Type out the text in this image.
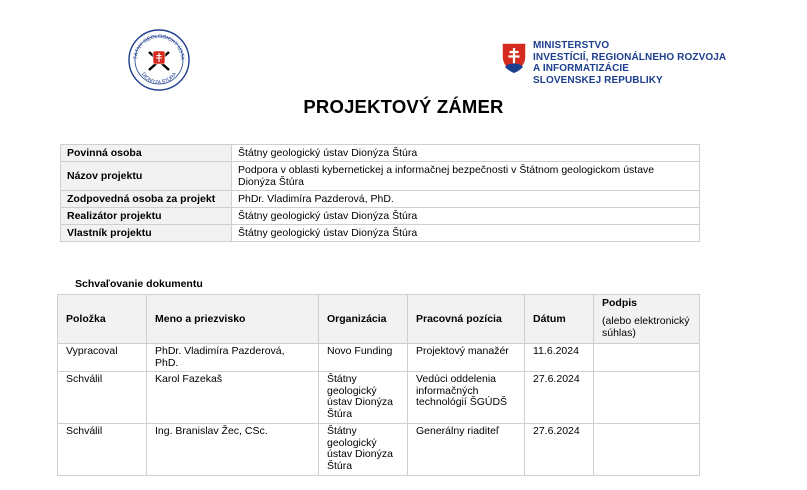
TÁTNY GEOLOGICKÝ ÚSTA
DIONÝZA ŠTÚRA
MINISTERSTVO
INVESTÍCIÍ, REGIONÁLNEHO ROZVOJA
A INFORMATIZÁCIE
SLOVENSKEJ REPUBLIKY
PROJEKTOVÝ ZÁMER
Povinná osoba	Štátny geologický ústav Dionýza Štúra
Názov projektu	Podpora v oblasti kybernetickej a informačnej bezpečnosti v Štátnom geologickom ústave Dionýza Štúra
Zodpovedná osoba za projekt	PhDr. Vladimíra Pazderová, PhD.
Realizátor projektu	Štátny geologický ústav Dionýza Štúra
Vlastník projektu	Štátny geologický ústav Dionýza Štúra
Schvaľovanie dokumentu
Položka	Meno a priezvisko	Organizácia	Pracovná pozícia	Dátum	Podpis
(alebo elektronický súhlas)

Vypracoval	PhDr. Vladimíra Pazderová, PhD.	Novo Funding	Projektový manažér	11.6.2024	
Schválil	Karol Fazekaš	Štátny geologický ústav Dionýza Štúra	Vedúci oddelenia informačných technológií ŠGÚDŠ	27.6.2024	
Schválil	Ing. Branislav Žec, CSc.	Štátny geologický ústav Dionýza Štúra	Generálny riaditeľ	27.6.2024	
